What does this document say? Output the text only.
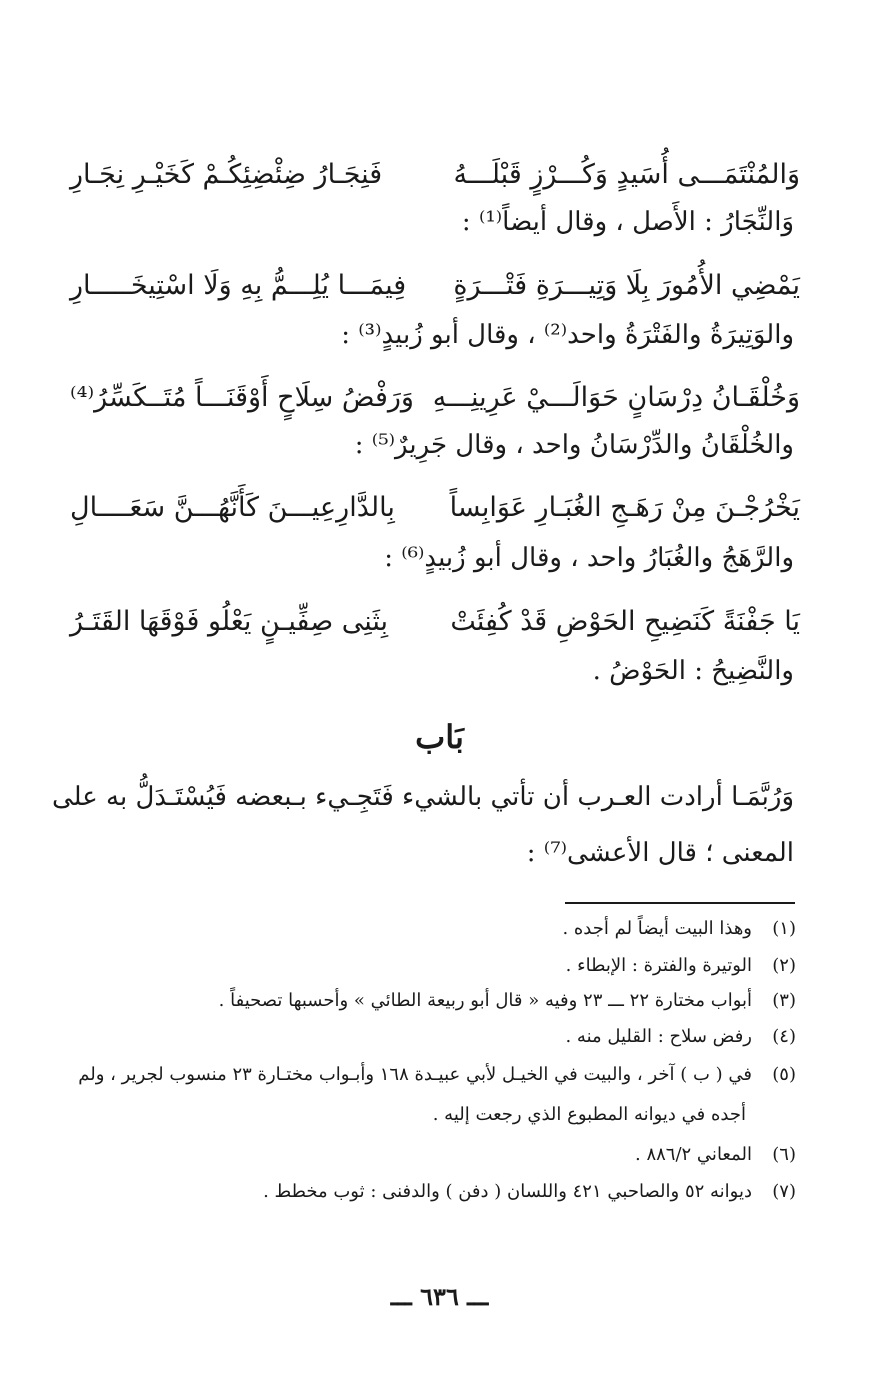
وَالمُنْتَمَـــى أُسَيدٍ وَكُـــرْزٍ قَبْلَـــهُ
فَنِجَـارُ ضِئْضِئِكُـمْ كَخَيْـرِ نِجَـارِ
وَالنِّجَارُ : الأَصل ، وقال أيضاً⁽¹⁾ :
يَمْضِي الأُمُورَ بِلَا وَتِيـــرَةِ فَتْـــرَةٍ
فِيمَـــا يُلِـــمُّ بِهِ وَلَا اسْتِيخَـــــارِ
والوَتِيرَةُ والفَتْرَةُ واحد⁽²⁾ ، وقال أبو زُبيدٍ⁽³⁾ :
وَخُلْقَـانُ دِرْسَانٍ حَوَالَـــيْ عَرِينِـــهِ
وَرَفْضُ سِلَاحٍ أَوْقَنَـــاً مُتَــكَسِّرُ⁽⁴⁾
والخُلْقَانُ والدِّرْسَانُ واحد ، وقال جَرِيرٌ⁽⁵⁾ :
يَخْرُجْـنَ مِنْ رَهَـجِ الغُبَـارِ عَوَابِساً
بِالدَّارِعِيـــنَ كَأَنَّهُـــنَّ سَعَــــالِ
والرَّهَجُ والغُبَارُ واحد ، وقال أبو زُبيدٍ⁽⁶⁾ :
يَا جَفْنَةً كَنَضِيحِ الحَوْضِ قَدْ كُفِئَتْ
بِثَنِى صِفِّيـنٍ يَعْلُو فَوْقَهَا القَتَـرُ
والنَّضِيحُ : الحَوْضُ .
بَاب
وَرُبَّمَـا أرادت العـرب أن تأتي بالشيء فَتَجِـيء بـبعضه فَيُسْتَـدَلُّ به على
المعنى ؛ قال الأعشى⁽⁷⁾ :
(١)وهذا البيت أيضاً لم أجده .
(٢)الوتيرة والفترة : الإبطاء .
(٣)أبواب مختارة ٢٢ ـــ ٢٣ وفيه « قال أبو ربيعة الطائي » وأحسبها تصحيفاً .
(٤)رفض سلاح : القليل منه .
(٥)في ( ب ) آخر ، والبيت في الخيـل لأبي عبيـدة ١٦٨ وأبـواب مختـارة ٢٣ منسوب لجرير ، ولم
أجده في ديوانه المطبوع الذي رجعت إليه .
(٦)المعاني ٨٨٦/٢ .
(٧)ديوانه ٥٢ والصاحبي ٤٢١ واللسان ( دفن ) والدفنى : ثوب مخطط .
ـــ ٦٣٦ ـــ
